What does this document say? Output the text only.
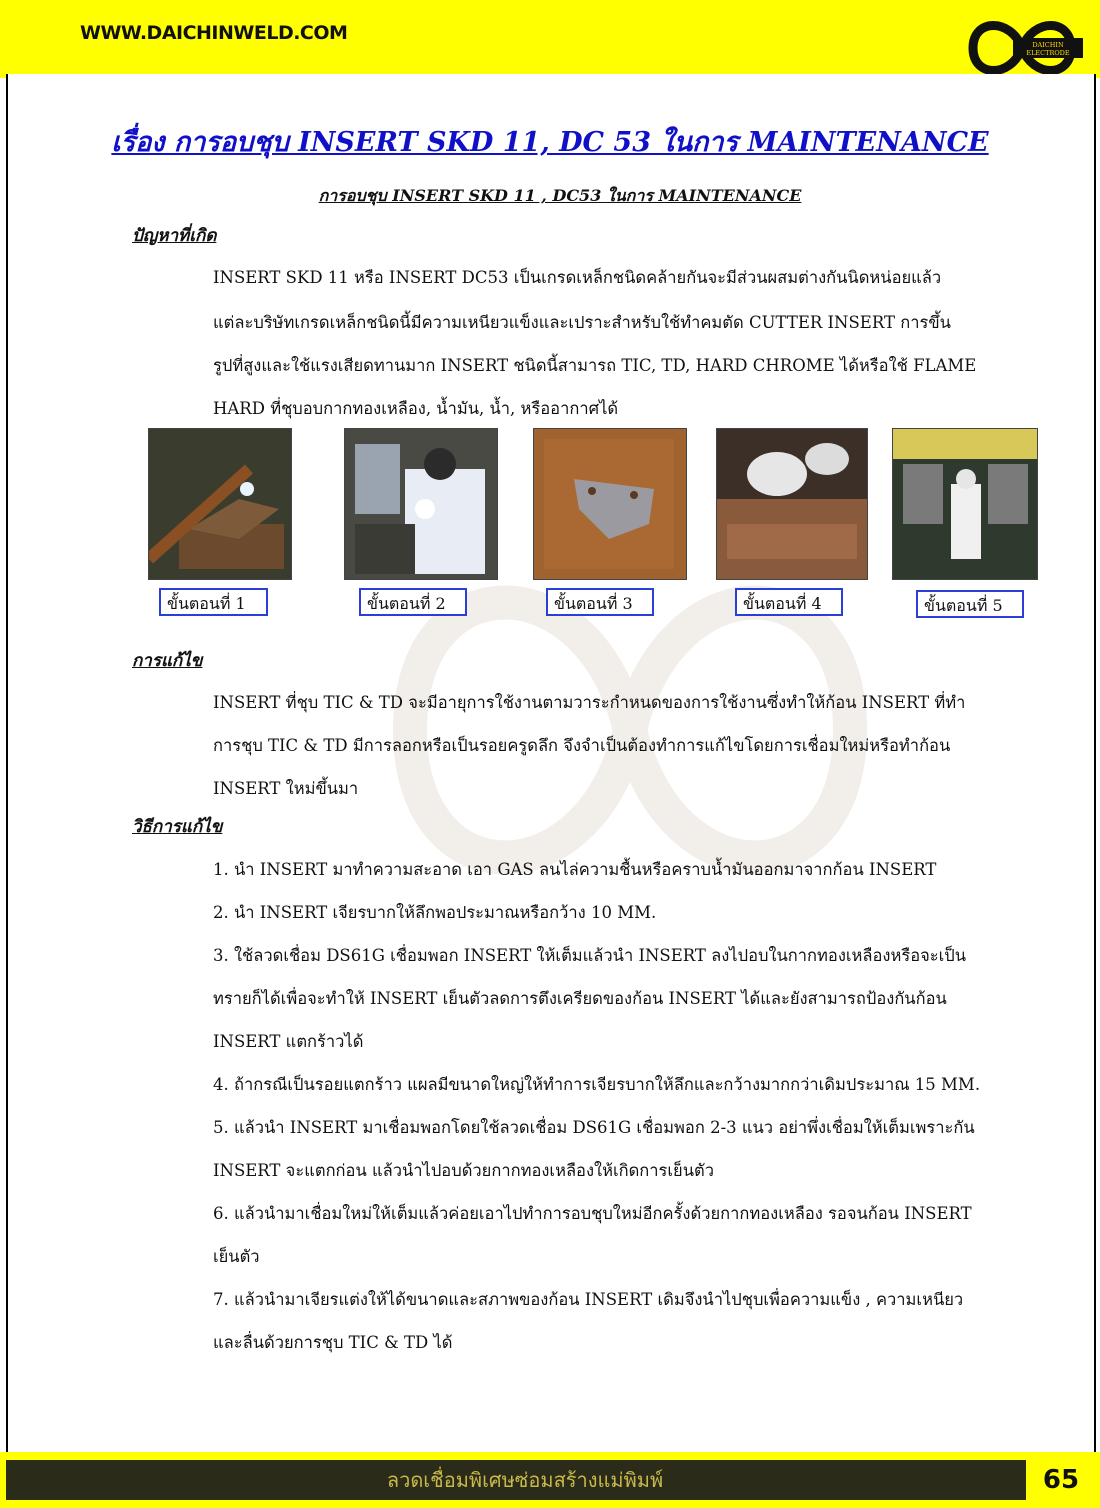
WWW.DAICHINWELD.COM
DAICHIN
ELECTRODE
เรื่อง การอบชุบ INSERT SKD 11, DC 53 ในการ MAINTENANCE
การอบชุบ INSERT SKD 11 , DC53 ในการ MAINTENANCE
ปัญหาที่เกิด
INSERT SKD 11 หรือ INSERT DC53 เป็นเกรดเหล็กชนิดคล้ายกันจะมีส่วนผสมต่างกันนิดหน่อยแล้ว
แต่ละบริษัทเกรดเหล็กชนิดนี้มีความเหนียวแข็งและเปราะสำหรับใช้ทำคมตัด CUTTER INSERT การขึ้น
รูปที่สูงและใช้แรงเสียดทานมาก INSERT ชนิดนี้สามารถ TIC, TD, HARD CHROME ได้หรือใช้ FLAME
HARD ที่ชุบอบกากทองเหลือง, น้ำมัน, น้ำ, หรืออากาศได้
ขั้นตอนที่ 1	ขั้นตอนที่ 2	ขั้นตอนที่ 3	ขั้นตอนที่ 4	ขั้นตอนที่ 5
การแก้ไข
INSERT ที่ชุบ TIC & TD จะมีอายุการใช้งานตามวาระกำหนดของการใช้งานซึ่งทำให้ก้อน INSERT ที่ทำ
การชุบ TIC & TD มีการลอกหรือเป็นรอยครูดลึก จึงจำเป็นต้องทำการแก้ไขโดยการเชื่อมใหม่หรือทำก้อน
INSERT ใหม่ขึ้นมา
วิธีการแก้ไข
1. นำ INSERT มาทำความสะอาด เอา GAS ลนไล่ความชื้นหรือคราบน้ำมันออกมาจากก้อน INSERT
2. นำ INSERT เจียรบากให้ลึกพอประมาณหรือกว้าง 10 MM.
3. ใช้ลวดเชื่อม DS61G เชื่อมพอก INSERT ให้เต็มแล้วนำ INSERT ลงไปอบในกากทองเหลืองหรือจะเป็น
ทรายก็ได้เพื่อจะทำให้ INSERT เย็นตัวลดการตึงเครียดของก้อน INSERT ได้และยังสามารถป้องกันก้อน
INSERT แตกร้าวได้
4. ถ้ากรณีเป็นรอยแตกร้าว แผลมีขนาดใหญ่ให้ทำการเจียรบากให้ลึกและกว้างมากกว่าเดิมประมาณ 15 MM.
5. แล้วนำ INSERT มาเชื่อมพอกโดยใช้ลวดเชื่อม DS61G เชื่อมพอก 2-3 แนว อย่าพึ่งเชื่อมให้เต็มเพราะกัน
INSERT จะแตกก่อน แล้วนำไปอบด้วยกากทองเหลืองให้เกิดการเย็นตัว
6. แล้วนำมาเชื่อมใหม่ให้เต็มแล้วค่อยเอาไปทำการอบชุบใหม่อีกครั้งด้วยกากทองเหลือง รอจนก้อน INSERT
เย็นตัว
7. แล้วนำมาเจียรแต่งให้ได้ขนาดและสภาพของก้อน INSERT เดิมจึงนำไปชุบเพื่อความแข็ง , ความเหนียว
และลื่นด้วยการชุบ TIC & TD ได้
ลวดเชื่อมพิเศษซ่อมสร้างแม่พิมพ์	65
